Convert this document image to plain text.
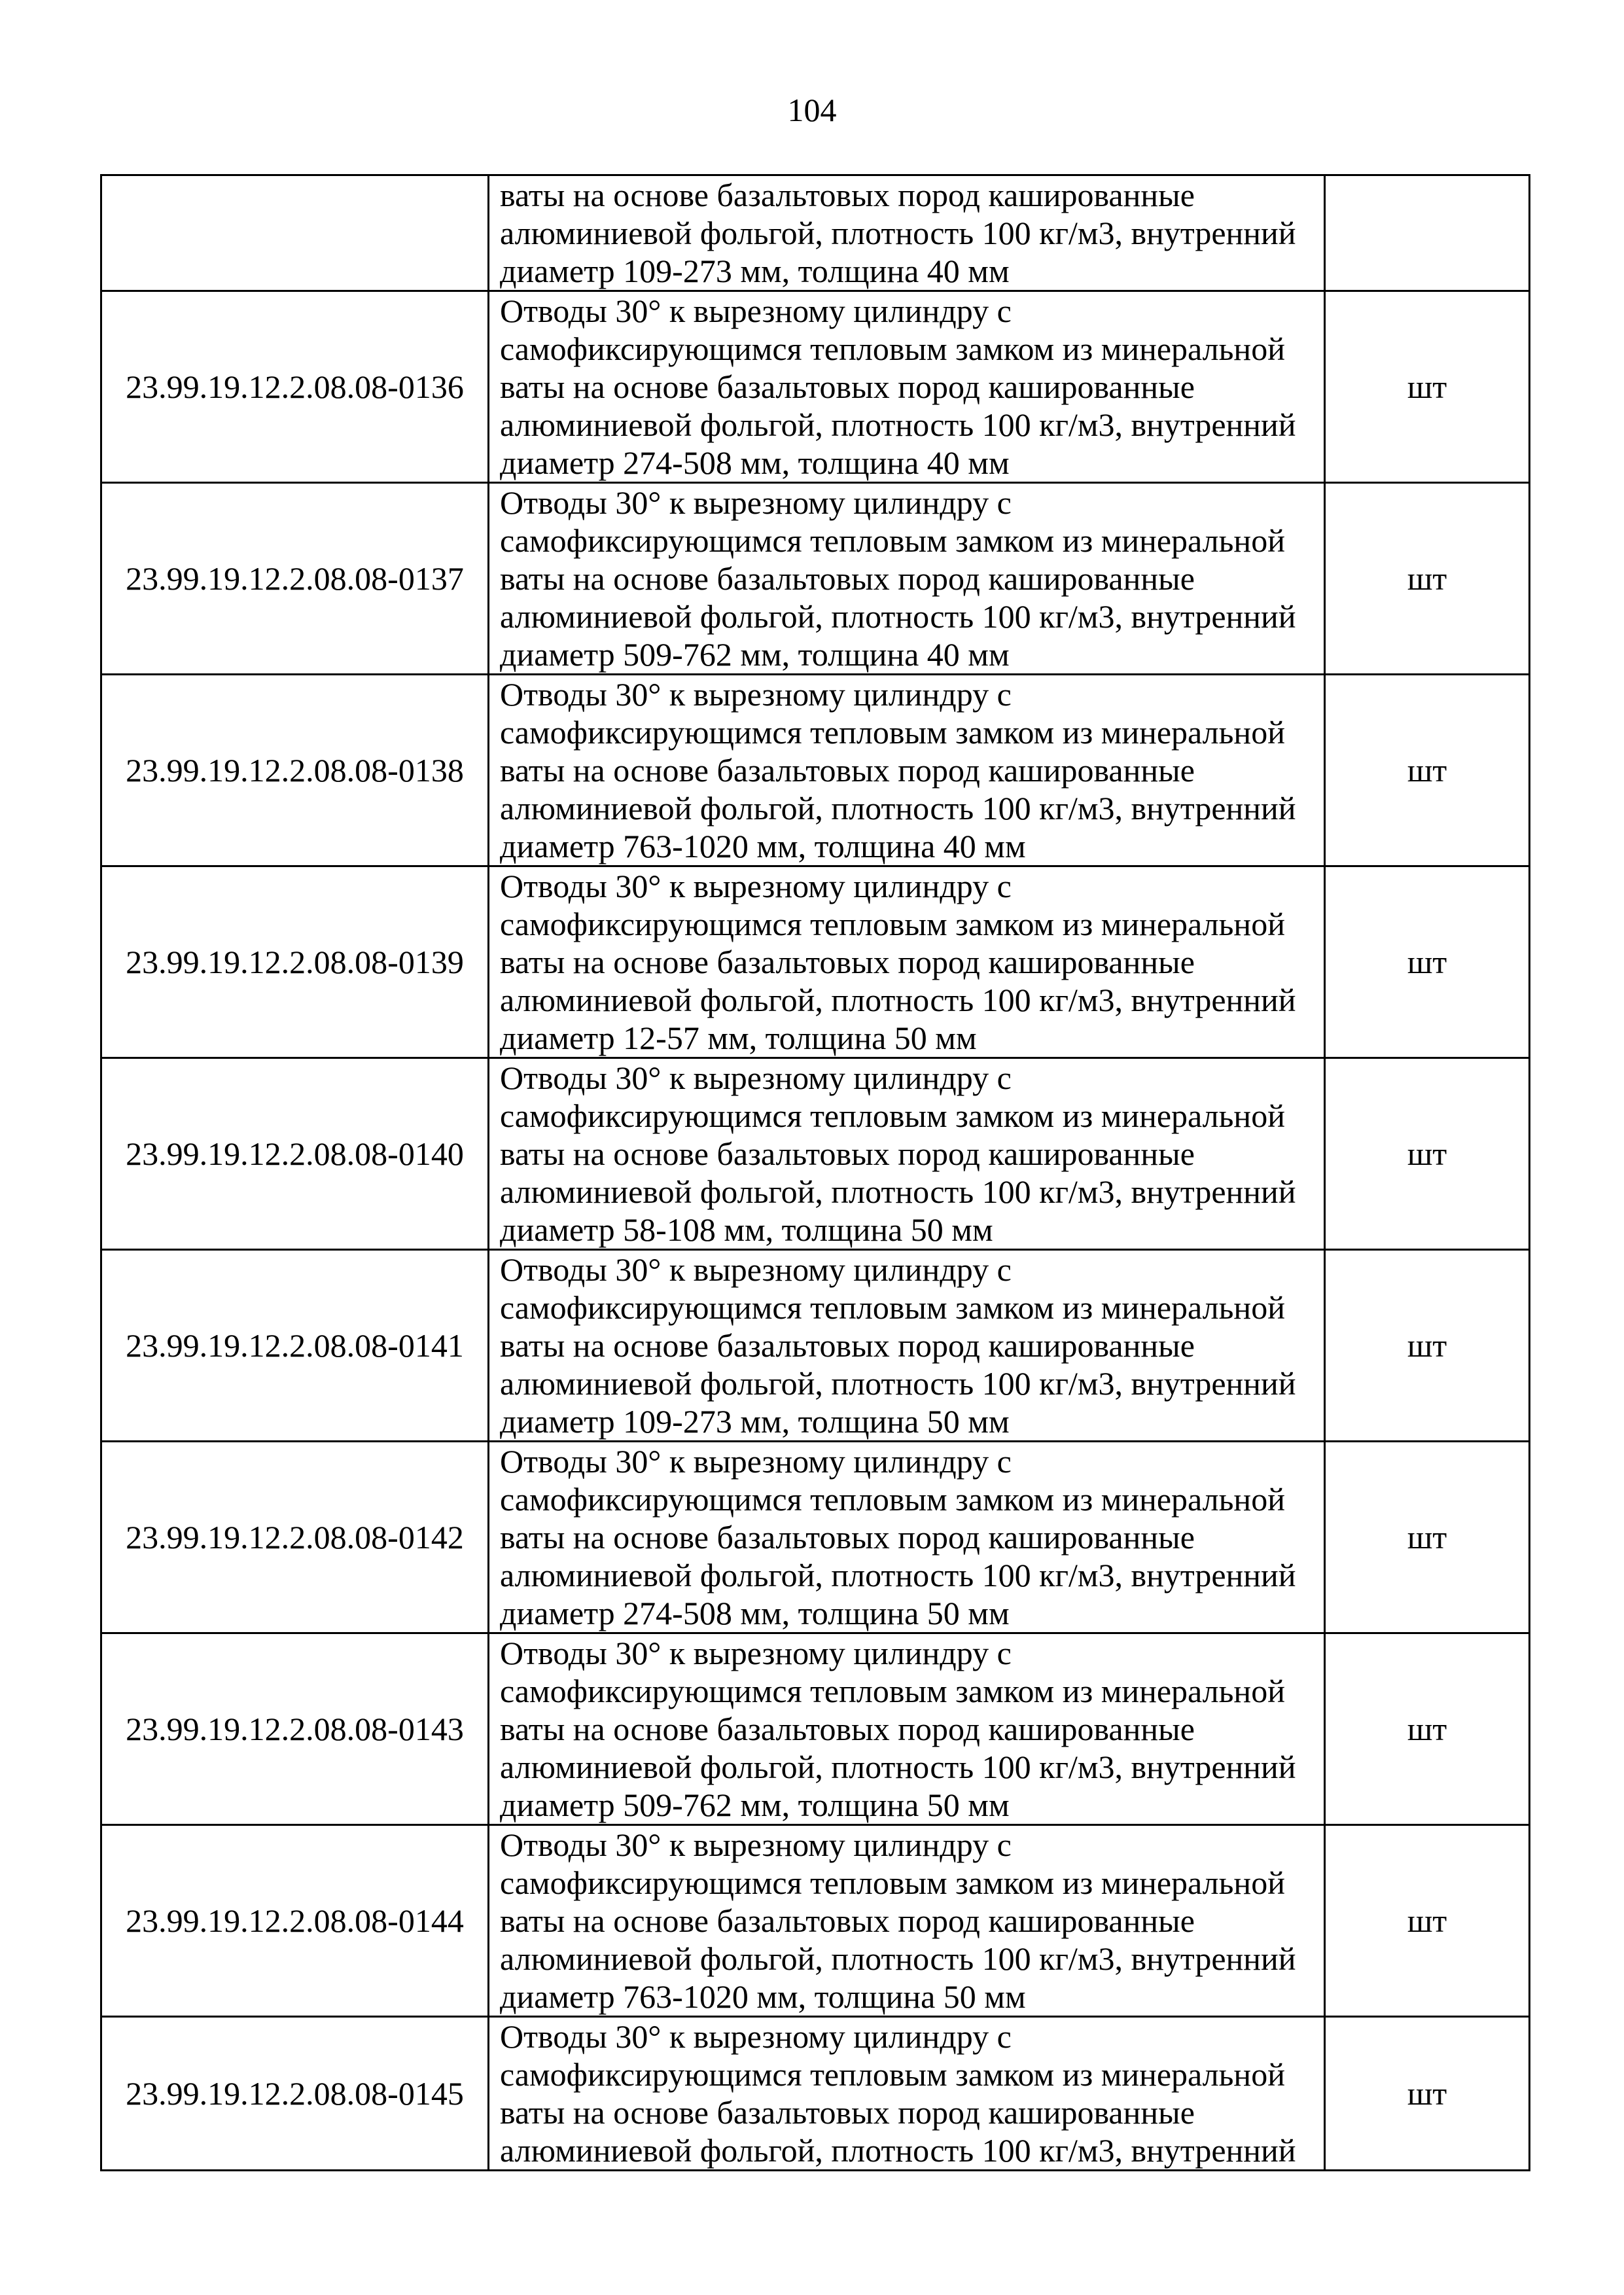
104

	ваты на основе базальтовых пород кашированные
алюминиевой фольгой, плотность 100 кг/м3, внутренний
диаметр 109-273 мм, толщина 40 мм	

23.99.19.12.2.08.08-0136	Отводы 30° к вырезному цилиндру с
самофиксирующимся тепловым замком из минеральной
ваты на основе базальтовых пород кашированные
алюминиевой фольгой, плотность 100 кг/м3, внутренний
диаметр 274-508 мм, толщина 40 мм	шт
23.99.19.12.2.08.08-0137	Отводы 30° к вырезному цилиндру с
самофиксирующимся тепловым замком из минеральной
ваты на основе базальтовых пород кашированные
алюминиевой фольгой, плотность 100 кг/м3, внутренний
диаметр 509-762 мм, толщина 40 мм	шт
23.99.19.12.2.08.08-0138	Отводы 30° к вырезному цилиндру с
самофиксирующимся тепловым замком из минеральной
ваты на основе базальтовых пород кашированные
алюминиевой фольгой, плотность 100 кг/м3, внутренний
диаметр 763-1020 мм, толщина 40 мм	шт
23.99.19.12.2.08.08-0139	Отводы 30° к вырезному цилиндру с
самофиксирующимся тепловым замком из минеральной
ваты на основе базальтовых пород кашированные
алюминиевой фольгой, плотность 100 кг/м3, внутренний
диаметр 12-57 мм, толщина 50 мм	шт
23.99.19.12.2.08.08-0140	Отводы 30° к вырезному цилиндру с
самофиксирующимся тепловым замком из минеральной
ваты на основе базальтовых пород кашированные
алюминиевой фольгой, плотность 100 кг/м3, внутренний
диаметр 58-108 мм, толщина 50 мм	шт
23.99.19.12.2.08.08-0141	Отводы 30° к вырезному цилиндру с
самофиксирующимся тепловым замком из минеральной
ваты на основе базальтовых пород кашированные
алюминиевой фольгой, плотность 100 кг/м3, внутренний
диаметр 109-273 мм, толщина 50 мм	шт
23.99.19.12.2.08.08-0142	Отводы 30° к вырезному цилиндру с
самофиксирующимся тепловым замком из минеральной
ваты на основе базальтовых пород кашированные
алюминиевой фольгой, плотность 100 кг/м3, внутренний
диаметр 274-508 мм, толщина 50 мм	шт
23.99.19.12.2.08.08-0143	Отводы 30° к вырезному цилиндру с
самофиксирующимся тепловым замком из минеральной
ваты на основе базальтовых пород кашированные
алюминиевой фольгой, плотность 100 кг/м3, внутренний
диаметр 509-762 мм, толщина 50 мм	шт
23.99.19.12.2.08.08-0144	Отводы 30° к вырезному цилиндру с
самофиксирующимся тепловым замком из минеральной
ваты на основе базальтовых пород кашированные
алюминиевой фольгой, плотность 100 кг/м3, внутренний
диаметр 763-1020 мм, толщина 50 мм	шт
23.99.19.12.2.08.08-0145	Отводы 30° к вырезному цилиндру с
самофиксирующимся тепловым замком из минеральной
ваты на основе базальтовых пород кашированные
алюминиевой фольгой, плотность 100 кг/м3, внутренний	шт
